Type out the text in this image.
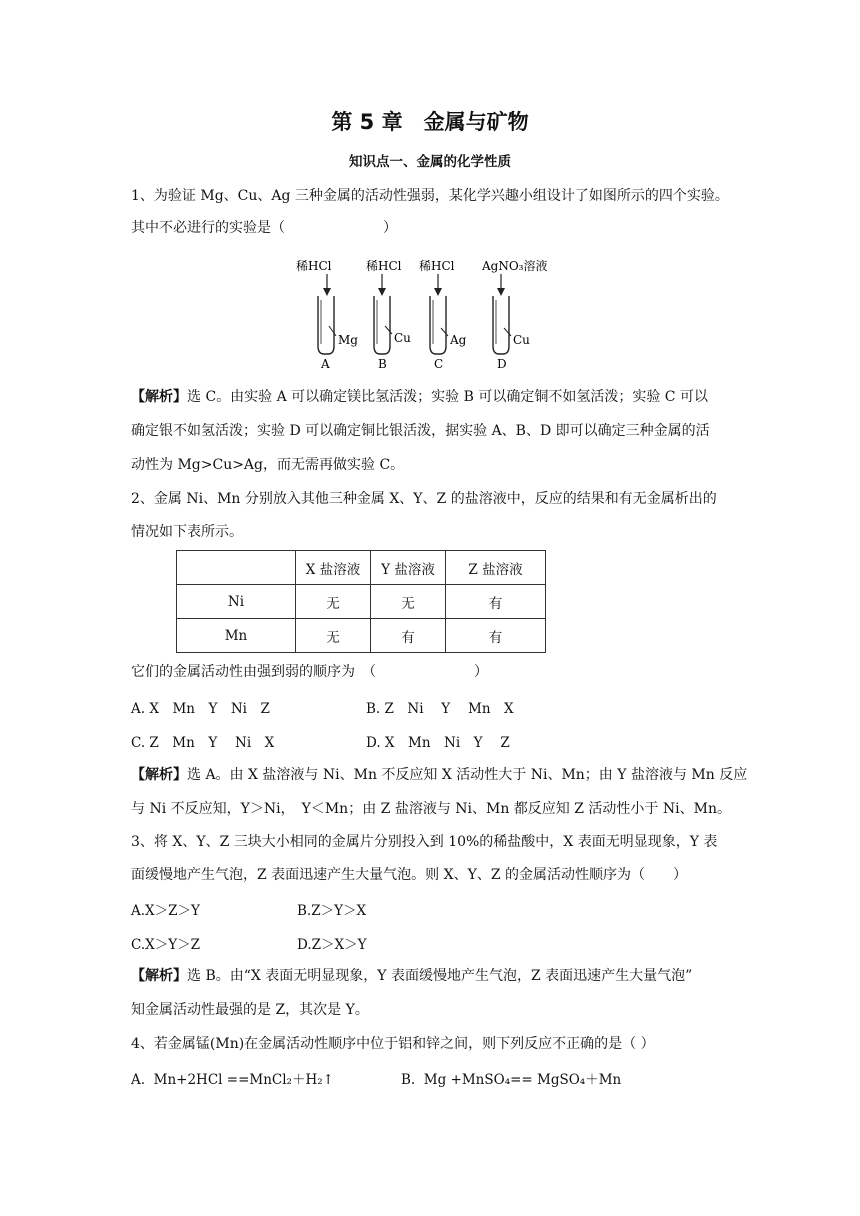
第 5 章　金属与矿物
知识点一、金属的化学性质
1、为验证 Mg、Cu、Ag 三种金属的活动性强弱，某化学兴趣小组设计了如图所示的四个实验。
其中不必进行的实验是（　　　　　　　）
稀HCl
Mg
A
稀HCl
Cu
B
稀HCl
Ag
C
AgNO₃溶液
Cu
D
【解析】选 C。由实验 A 可以确定镁比氢活泼；实验 B 可以确定铜不如氢活泼；实验 C 可以
确定银不如氢活泼；实验 D 可以确定铜比银活泼，据实验 A、B、D 即可以确定三种金属的活
动性为 Mg>Cu>Ag，而无需再做实验 C。
2、金属 Ni、Mn 分别放入其他三种金属 X、Y、Z 的盐溶液中，反应的结果和有无金属析出的
情况如下表所示。
	X 盐溶液	Y 盐溶液	Z 盐溶液
Ni	无	无	有
Mn	无	有	有
它们的金属活动性由强到弱的顺序为　（　　　　　　　）
A. X　Mn　Y　Ni　Z	B. Z　Ni　 Y　 Mn　X
C. Z　Mn　Y　 Ni　X	D. X　Mn　Ni　Y　 Z
【解析】选 A。由 X 盐溶液与 Ni、Mn 不反应知 X 活动性大于 Ni、Mn；由 Y 盐溶液与 Mn 反应
与 Ni 不反应知，Y＞Ni，　Y＜Mn；由 Z 盐溶液与 Ni、Mn 都反应知 Z 活动性小于 Ni、Mn。
3、将 X、Y、Z 三块大小相同的金属片分别投入到 10%的稀盐酸中，X 表面无明显现象，Y 表
面缓慢地产生气泡，Z 表面迅速产生大量气泡。则 X、Y、Z 的金属活动性顺序为（　　）
A.X＞Z＞Y	B.Z＞Y＞X
C.X＞Y＞Z	D.Z＞X＞Y
【解析】选 B。由“X 表面无明显现象，Y 表面缓慢地产生气泡，Z 表面迅速产生大量气泡”
知金属活动性最强的是 Z，其次是 Y。
4、若金属锰(Mn)在金属活动性顺序中位于铝和锌之间，则下列反应不正确的是（ ）
A.  Mn+2HCl ==MnCl₂＋H₂↑	B.  Mg +MnSO₄== MgSO₄＋Mn
